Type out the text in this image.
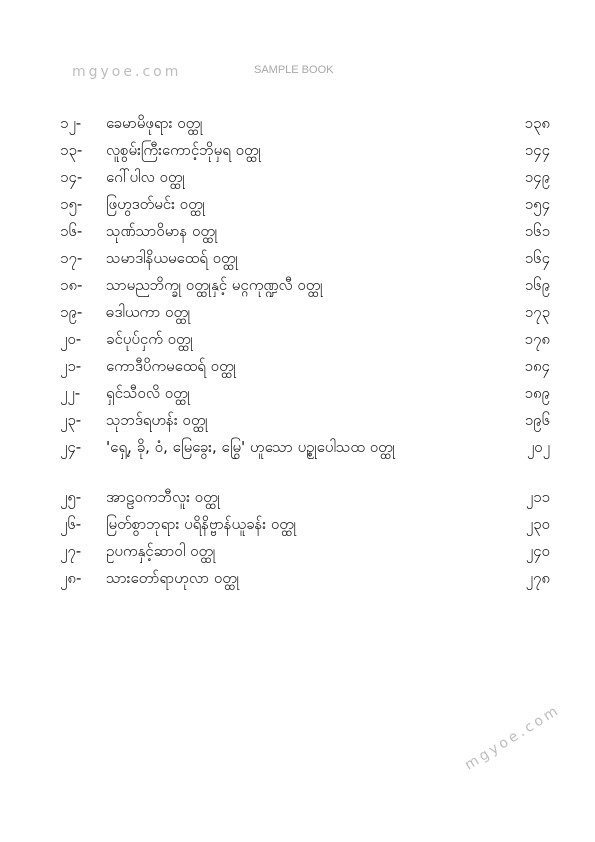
mgyoe.com	SAMPLE BOOK
၁၂-	ခေမာမိဖုရား ဝတ္ထု	၁၃၈
၁၃-	လူစွမ်းကြီးကောင့်ဘိုမှရ ဝတ္ထု	၁၄၄
၁၄-	ဂေါ်ပါလ ဝတ္ထု	၁၄၉
၁၅-	ဖြဟွဒတ်မင်း ဝတ္ထု	၁၅၄
၁၆-	သုဏ်သာဝိမာန ဝတ္ထု	၁၆၁
၁၇-	သမာဒါနိယမထေရ် ဝတ္ထု	၁၆၄
၁၈-	သာမညဘိက္ခု ဝတ္ထုနှင့် မင္ဂကုဏ္ဍလီ ဝတ္ထု	၁၆၉
၁၉-	ဓဒါယကာ ဝတ္ထု	၁၇၃
၂၀-	ခင်ပုပ်ငှက် ဝတ္ထု	၁၇၈
၂၁-	ကောဒီပိကမထေရ် ဝတ္ထု	၁၈၄
၂၂-	ရှင်သီဝလိ ဝတ္ထု	၁၈၉
၂၃-	သုဘဒ်ရဟန်း ဝတ္ထု	၁၉၆
၂၄-	'ရှေ့, ခို, ဝံ, မြေခွေး, မြွေ' ဟူသော ပဥ္စုပေါသထ ဝတ္ထု	၂၀၂
၂၅-	အာဠဝကဘီလူး ဝတ္ထု	၂၁၁
၂၆-	မြတ်စွာဘုရား ပရိနိဗ္ဗာန်ယူခန်း ဝတ္ထု	၂၃၀
၂၇-	ဥပကနှင့်ဆာဝါ ဝတ္ထု	၂၄၀
၂၈-	သားတော်ရာဟုလာ ဝတ္ထု	၂၇၈
mgyoe.com
